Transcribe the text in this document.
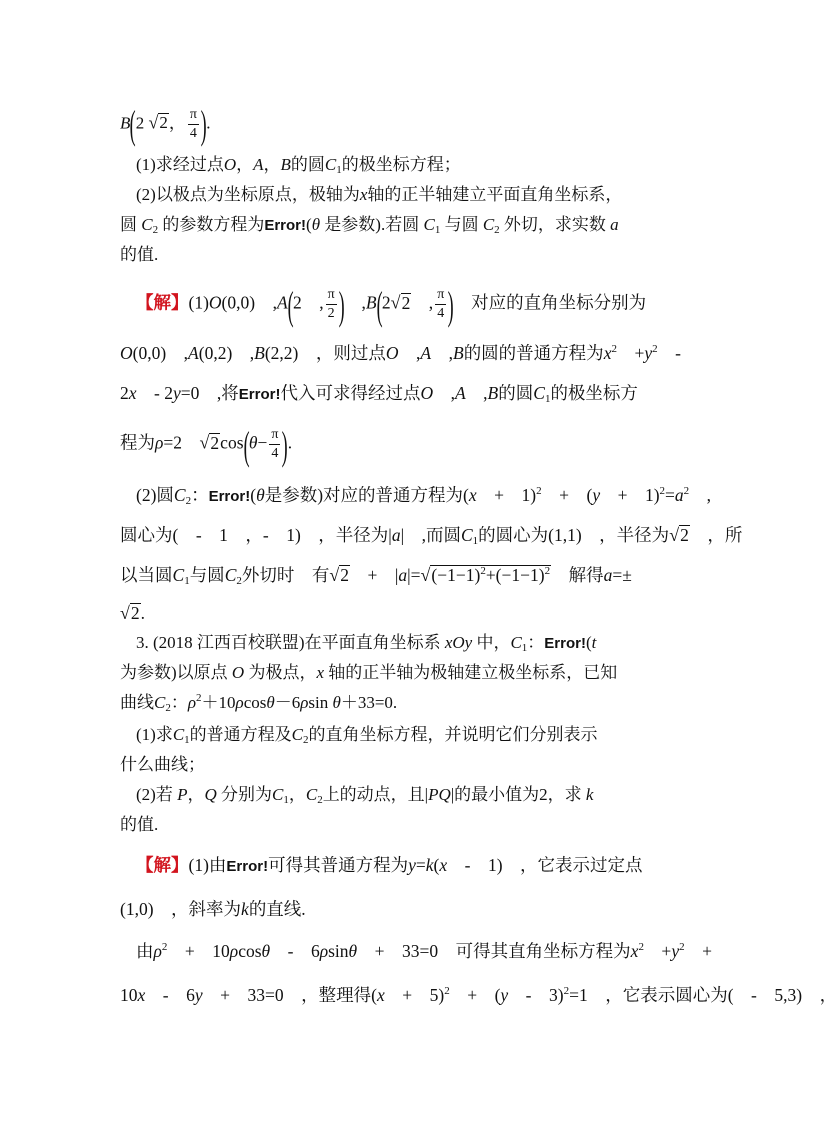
B(2 √2， $\frac{\pi}{4}$ ).
(1)求经过点O，A，B的圆$C_1$的极坐标方程；
(2)以极点为坐标原点，极轴为x轴的正半轴建立平面直角坐标系，
圆 $C_2$ 的参数方程为Error!(θ 是参数).若圆 $C_1$ 与圆 $C_2$ 外切，求实数 a
的值.
【解】(1)O(0,0)　,A(2　, $\frac{\pi}{2}$ )　,B(2√2　, $\frac{\pi}{4}$ )　对应的直角坐标分别为
O(0,0)　,A(0,2)　,B(2,2)　，则过点O　,A　,B的圆的普通方程为$x^2$　$+y^2$　-
2x　- 2y=0　,将Error!代入可求得经过点O　,A　,B的圆$C_1$的极坐标方
程为ρ=2　$√2\cos(\theta- \frac{\pi}{4}$ ).
(2)圆$C_2$：Error!(θ是参数)对应的普通方程为(x　+　1)$^2$　+　(y　+　$1)^2=a^2$　,
圆心为(　-　1　，-　1)　，半径为|a|　,而圆$C_1$的圆心为(1,1)　，半径为√2　，所
以当圆$C_1$与圆$C_2$外切时　有√2　+　$|a|=√(-1-1)^2+(-1-1)^2$　解得a=±
√2.
3. (2018 江西百校联盟)在平面直角坐标系 xOy 中，$C_1$：Error!(t
为参数)以原点 O 为极点，x 轴的正半轴为极轴建立极坐标系，已知
曲线$C_2$：$\rho^2+10\rho\cos\theta-6\rho\sin$ θ＋33=0.
(1)求$C_1$的普通方程及$C_2$的直角坐标方程，并说明它们分别表示
什么曲线；
(2)若 P，Q 分别为$C_1$，$C_2$上的动点，且|PQ|的最小值为2，求 k
的值.
【解】(1)由Error!可得其普通方程为y=k(x　-　1)　，它表示过定点
(1,0)　，斜率为k的直线.
由$\rho^2$　+　10ρcosθ　-　6ρsinθ　+　33=0　可得其直角坐标方程为$x^2$　$+y^2$　+
10x　-　6y　+　33=0　，整理得(x　+　5)$^2$　+　(y　-　3)$^2$=1　，它表示圆心为(　-　5,3)　，
